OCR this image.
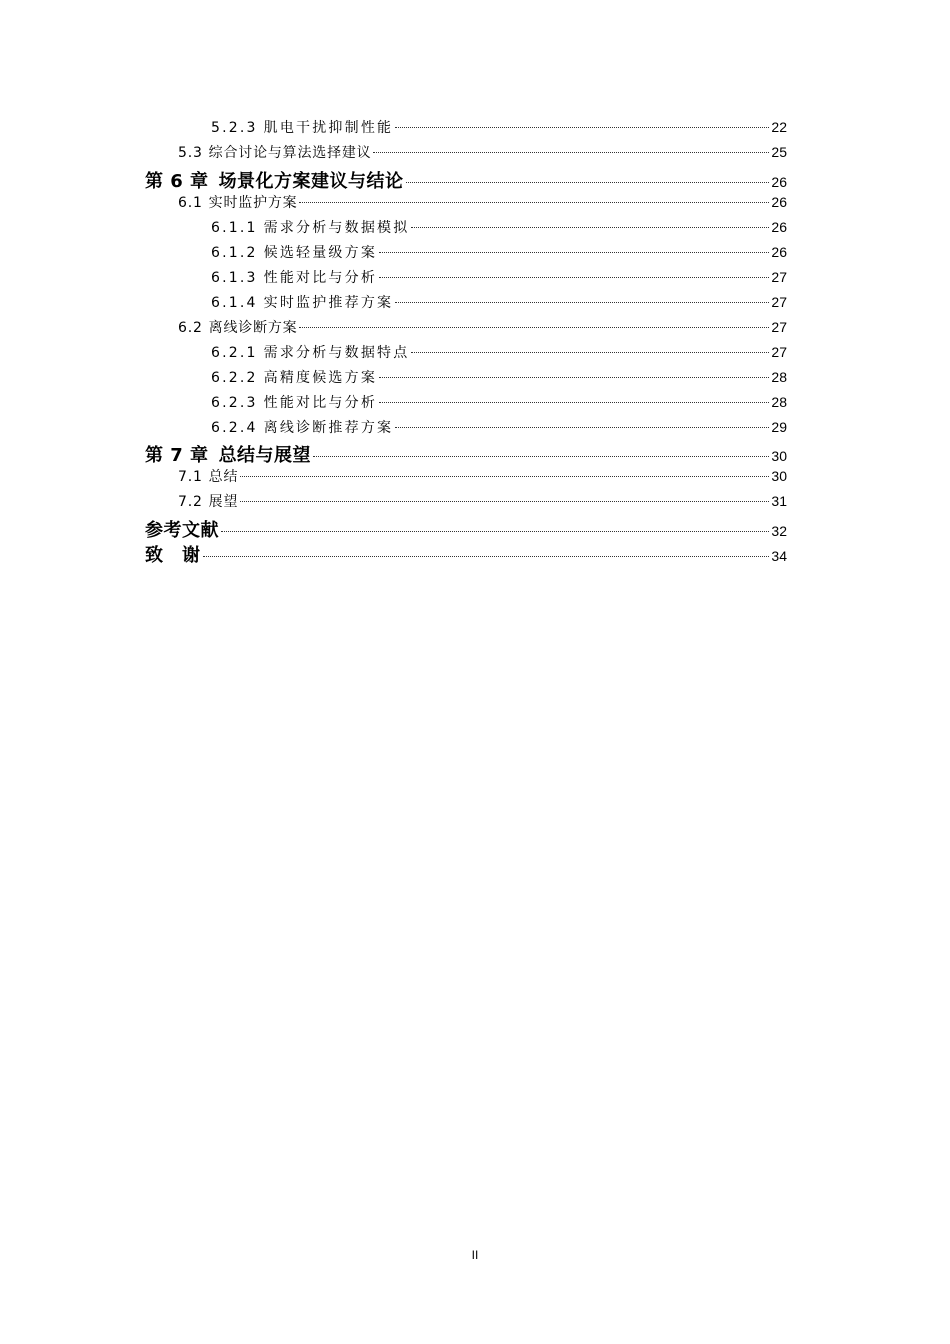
5.2.3 肌电干扰抑制性能	22
5.3 综合讨论与算法选择建议	25
第 6 章 场景化方案建议与结论	26
6.1 实时监护方案	26
6.1.1 需求分析与数据模拟	26
6.1.2 候选轻量级方案	26
6.1.3 性能对比与分析	27
6.1.4 实时监护推荐方案	27
6.2 离线诊断方案	27
6.2.1 需求分析与数据特点	27
6.2.2 高精度候选方案	28
6.2.3 性能对比与分析	28
6.2.4 离线诊断推荐方案	29
第 7 章 总结与展望	30
7.1 总结	30
7.2 展望	31
参考文献	32
致　谢	34
II
